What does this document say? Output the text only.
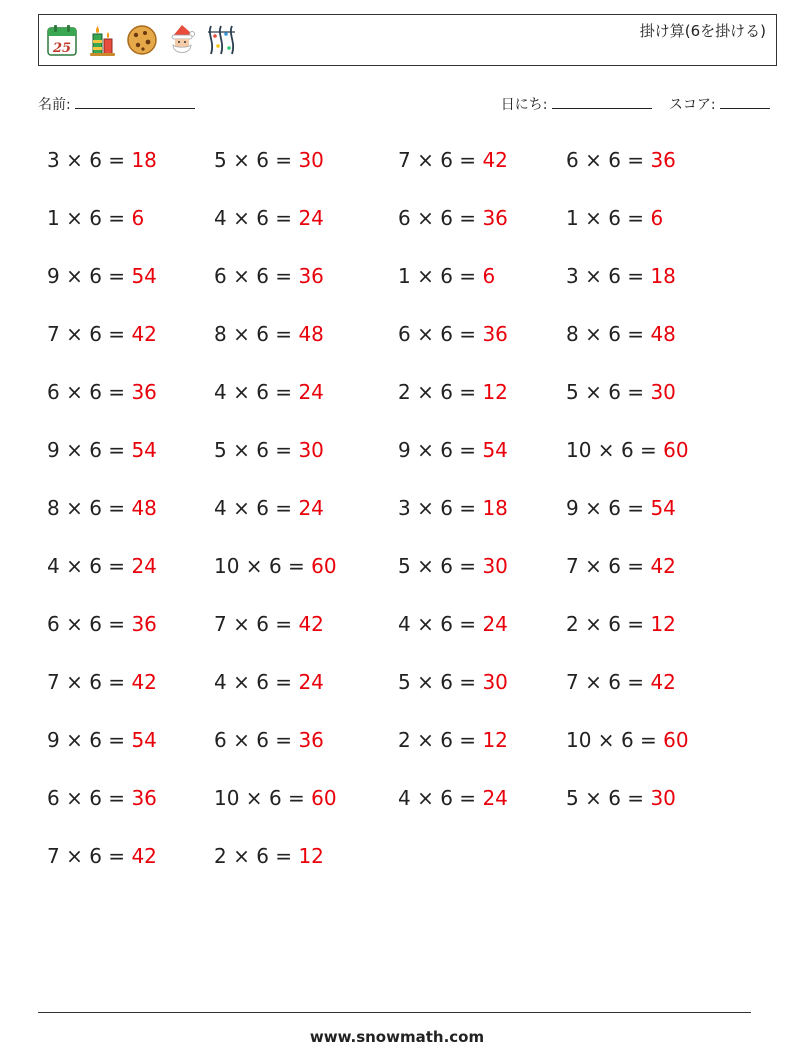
25
掛け算(6を掛ける)
名前:	日にち:	スコア:
3 × 6 = 18
1 × 6 = 6
9 × 6 = 54
7 × 6 = 42
6 × 6 = 36
9 × 6 = 54
8 × 6 = 48
4 × 6 = 24
6 × 6 = 36
7 × 6 = 42
9 × 6 = 54
6 × 6 = 36
7 × 6 = 42
5 × 6 = 30
4 × 6 = 24
6 × 6 = 36
8 × 6 = 48
4 × 6 = 24
5 × 6 = 30
4 × 6 = 24
10 × 6 = 60
7 × 6 = 42
4 × 6 = 24
6 × 6 = 36
10 × 6 = 60
2 × 6 = 12
7 × 6 = 42
6 × 6 = 36
1 × 6 = 6
6 × 6 = 36
2 × 6 = 12
9 × 6 = 54
3 × 6 = 18
5 × 6 = 30
4 × 6 = 24
5 × 6 = 30
2 × 6 = 12
4 × 6 = 24
6 × 6 = 36
1 × 6 = 6
3 × 6 = 18
8 × 6 = 48
5 × 6 = 30
10 × 6 = 60
9 × 6 = 54
7 × 6 = 42
2 × 6 = 12
7 × 6 = 42
10 × 6 = 60
5 × 6 = 30
www.snowmath.com
